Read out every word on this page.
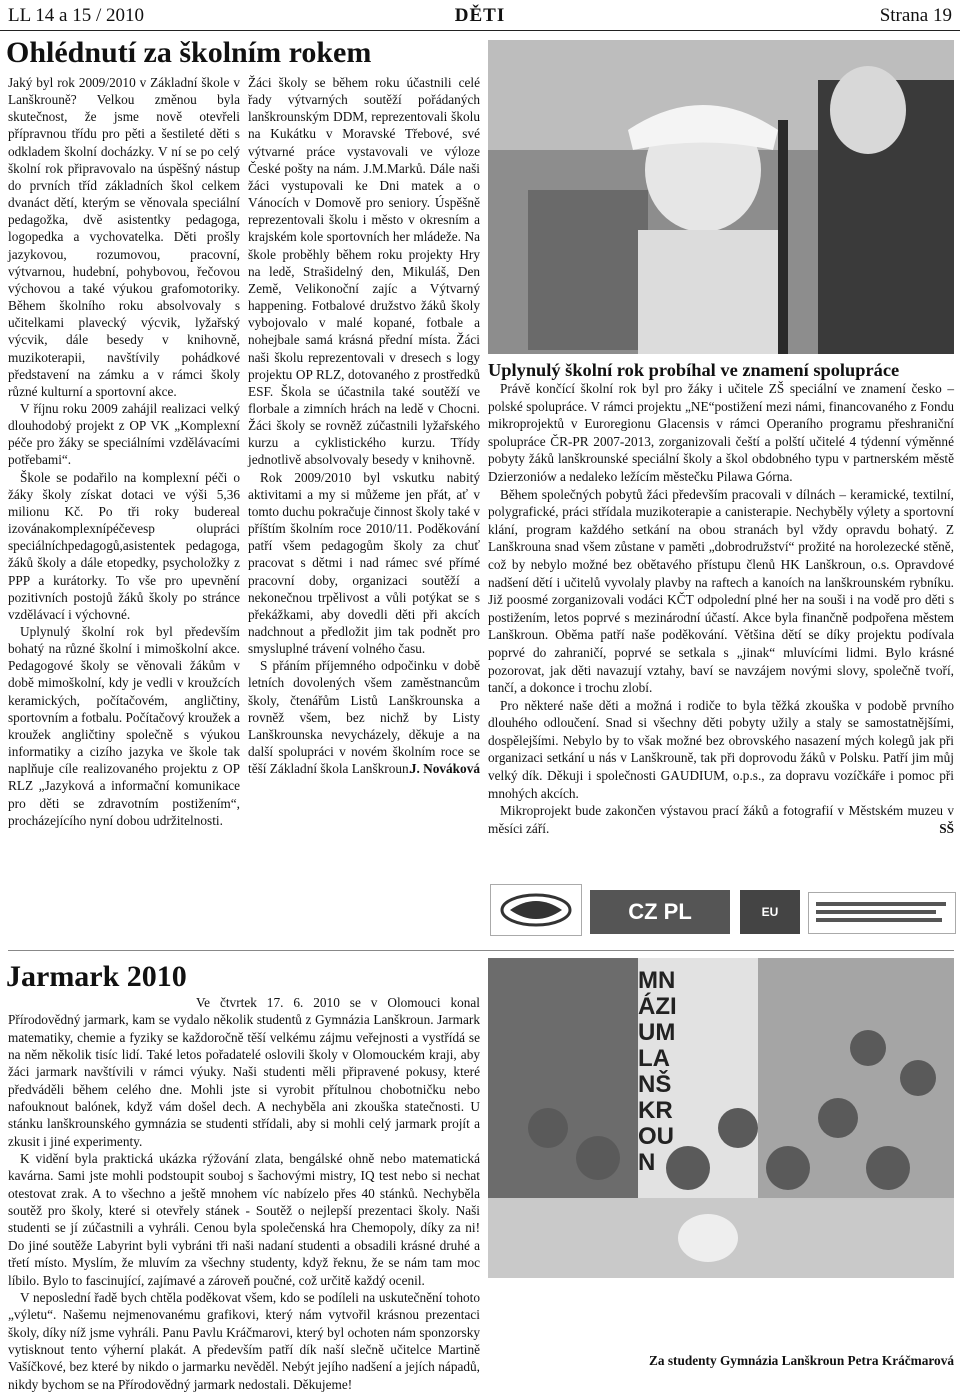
LL 14 a 15 / 2010	DĚTI	Strana 19
Ohlédnutí za školním rokem

Jaký byl rok 2009/2010 v Základní škole v Lanškrouně? Velkou změnou byla skutečnost, že jsme nově otevřeli přípravnou třídu pro pěti a šestileté děti s odkladem školní docházky. V ní se po celý školní rok připravovalo na úspěšný nástup do prvních tříd základních škol celkem dvanáct dětí, kterým se věnovala speciální pedagožka, dvě asistentky pedagoga, logopedka a vychovatelka. Děti prošly jazykovou, rozumovou, pracovní, výtvarnou, hudební, pohybovou, řečovou výchovou a také výukou grafomotoriky. Během školního roku absolvovaly s učitelkami plavecký výcvik, lyžařský výcvik, dále besedy v knihovně, muzikoterapii, navštívily pohádkové představení na zámku a v rámci školy různé kulturní a sportovní akce.

V říjnu roku 2009 zahájil realizaci velký dlouhodobý projekt z OP VK „Komplexní péče pro žáky se speciálními vzdělávacími potřebami“.

Škole se podařilo na komplexní péči o žáky školy získat dotaci ve výši 5,36 milionu Kč. Po tři roky budereal izovánakomplexnípéčevesp olupráci speciálníchpedagogů,asistentek pedagoga, žáků školy a dále etopedky, psycholožky z PPP a kurátorky. To vše pro upevnění pozitivních postojů žáků školy po stránce vzdělávací i výchovné.

Uplynulý školní rok byl především bohatý na různé školní i mimoškolní akce. Pedagogové školy se věnovali žákům v době mimoškolní, kdy je vedli v kroužcích keramických, počítačovém, angličtiny, sportovním a fotbalu. Počítačový kroužek a kroužek angličtiny společně s výukou informatiky a cizího jazyka ve škole tak naplňuje cíle realizovaného projektu z OP RLZ „Jazyková a informační komunikace pro děti se zdravotním postižením“, procházejícího nyní dobou udržitelnosti.

Žáci školy se během roku účastnili celé řady výtvarných soutěží pořádaných lanškrounským DDM, reprezentovali školu na Kukátku v Moravské Třebové, své výtvarné práce vystavovali ve výloze České pošty na nám. J.M.Marků. Dále naši žáci vystupovali ke Dni matek a o Vánocích v Domově pro seniory. Úspěšně reprezentovali školu i město v okresním a krajském kole sportovních her mládeže. Na škole proběhly během roku projekty Hry na ledě, Strašidelný den, Mikuláš, Den Země, Velikonoční zajíc a Výtvarný happening. Fotbalové družstvo žáků školy vybojovalo v malé kopané, fotbale a nohejbale samá krásná přední místa. Žáci naši školu reprezentovali v dresech s logy projektu OP RLZ, dotovaného z prostředků ESF. Škola se účastnila také soutěží ve florbale a zimních hrách na ledě v Chocni. Žáci školy se rovněž zúčastnili lyžařského kurzu a cyklistického kurzu. Třídy jednotlivě absolvovaly besedy v knihovně.

Rok 2009/2010 byl vskutku nabitý aktivitami a my si můžeme jen přát, ať v tomto duchu pokračuje činnost školy také v příštím školním roce 2010/11. Poděkování patří všem pedagogům školy za chuť pracovat s dětmi i nad rámec své přímé pracovní doby, organizaci soutěží a nekonečnou trpělivost a vůli potýkat se s překážkami, aby dovedli děti při akcích nadchnout a předložit jim tak podnět pro smysluplné trávení volného času.

S přáním příjemného odpočinku v době letních dovolených všem zaměstnancům školy, čtenářům Listů Lanškrounska a rovněž všem, bez nichž by Listy Lanškrounska nevycházely, děkuje a na další spolupráci v novém školním roce se těší Základní škola Lanškroun.

J. Nováková
Uplynulý školní rok probíhal ve znamení spolupráce

Právě končící školní rok byl pro žáky i učitele ZŠ speciální ve znamení česko – polské spolupráce. V rámci projektu „NE“postižení mezi námi, financovaného z Fondu mikroprojektů v Euroregionu Glacensis v rámci Operaního programu přeshraniční spolupráce ČR-PR 2007-2013, zorganizovali čeští a polští učitelé 4 týdenní výměnné pobyty žáků lanškrounské speciální školy a škol obdobného typu v partnerském městě Dzierzoniów a nedaleko ležícím městečku Pilawa Górna.

Během společných pobytů žáci především pracovali v dílnách – keramické, textilní, polygrafické, práci střídala muzikoterapie a canisterapie. Nechyběly výlety a sportovní klání, program každého setkání na obou stranách byl vždy opravdu bohatý. Z Lanškrouna snad všem zůstane v paměti „dobrodružství“ prožité na horolezecké stěně, což by nebylo možné bez obětavého přístupu členů HK Lanškroun, o.s. Opravdové nadšení dětí i učitelů vyvolaly plavby na raftech a kanoích na lanškrounském rybníku. Již poosmé zorganizovali vodáci KČT odpolední plné her na souši i na vodě pro děti s postižením, letos poprvé s mezinárodní účastí. Akce byla finančně podpořena městem Lanškroun. Oběma patří naše poděkování. Většina dětí se díky projektu podívala poprvé do zahraničí, poprvé se setkala s „jinak“ mluvícími lidmi. Bylo krásné pozorovat, jak děti navazují vztahy, baví se navzájem novými slovy, společně tvoří, tančí, a dokonce i trochu zlobí.

Pro některé naše děti a možná i rodiče to byla těžká zkouška v podobě prvního dlouhého odloučení. Snad si všechny děti pobyty užily a staly se samostatnějšími, dospělejšími. Nebylo by to však možné bez obrovského nasazení mých kolegů jak při organizaci setkání u nás v Lanškrouně, tak při doprovodu žáků v Polsku. Patří jim můj velký dík. Děkuji i společnosti GAUDIUM, o.p.s., za dopravu vozíčkáře i pomoc při mnohých akcích.

Mikroprojekt bude zakončen výstavou prací žáků a fotografií v Městském muzeu v měsíci září.	SŠ
CZ PL	EU
Jarmark 2010

Ve čtvrtek 17. 6. 2010 se v Olomouci konal Přírodovědný jarmark, kam se vydalo několik studentů z Gymnázia Lanškroun. Jarmark matematiky, chemie a fyziky se každoročně těší velkému zájmu veřejnosti a vystřídá se na něm několik tisíc lidí. Také letos pořadatelé oslovili školy v Olomouckém kraji, aby žáci jarmark navštívili v rámci výuky. Naši studenti měli připravené pokusy, které předváděli během celého dne. Mohli jste si vyrobit přítulnou chobotničku nebo nafouknout balónek, když vám došel dech. A nechyběla ani zkouška statečnosti. U stánku lanškrounského gymnázia se studenti střídali, aby si mohli celý jarmark projít a zkusit i jiné experimenty.

K vidění byla praktická ukázka rýžování zlata, bengálské ohně nebo matematická kavárna. Sami jste mohli podstoupit souboj s šachovými mistry, IQ test nebo si nechat otestovat zrak. A to všechno a ještě mnohem víc nabízelo přes 40 stánků. Nechyběla soutěž pro školy, které si otevřely stánek - Soutěž o nejlepší prezentaci školy. Naši studenti se jí zúčastnili a vyhráli. Cenou byla společenská hra Chemopoly, díky za ni! Do jiné soutěže Labyrint byli vybráni tři naši nadaní studenti a obsadili krásné druhé a třetí místo. Myslím, že mluvím za všechny studenty, když řeknu, že se nám tam moc líbilo. Bylo to fascinující, zajímavé a zároveň poučné, což určitě každý ocenil.

V neposlední řadě bych chtěla poděkovat všem, kdo se podíleli na uskutečnění tohoto „výletu“. Našemu nejmenovanému grafikovi, který nám vytvořil krásnou prezentaci školy, díky níž jsme vyhráli. Panu Pavlu Kráčmarovi, který byl ochoten nám sponzorsky vytisknout tento výherní plakát. A především patří dík naší slečně učitelce Martině Vašíčkové, bez které by nikdo o jarmarku nevěděl. Nebýt jejího nadšení a jejích nápadů, nikdy bychom se na Přírodovědný jarmark nedostali. Děkujeme!

MNÁZIUM LANŠKROUN
Za studenty Gymnázia Lanškroun Petra Kráčmarová
